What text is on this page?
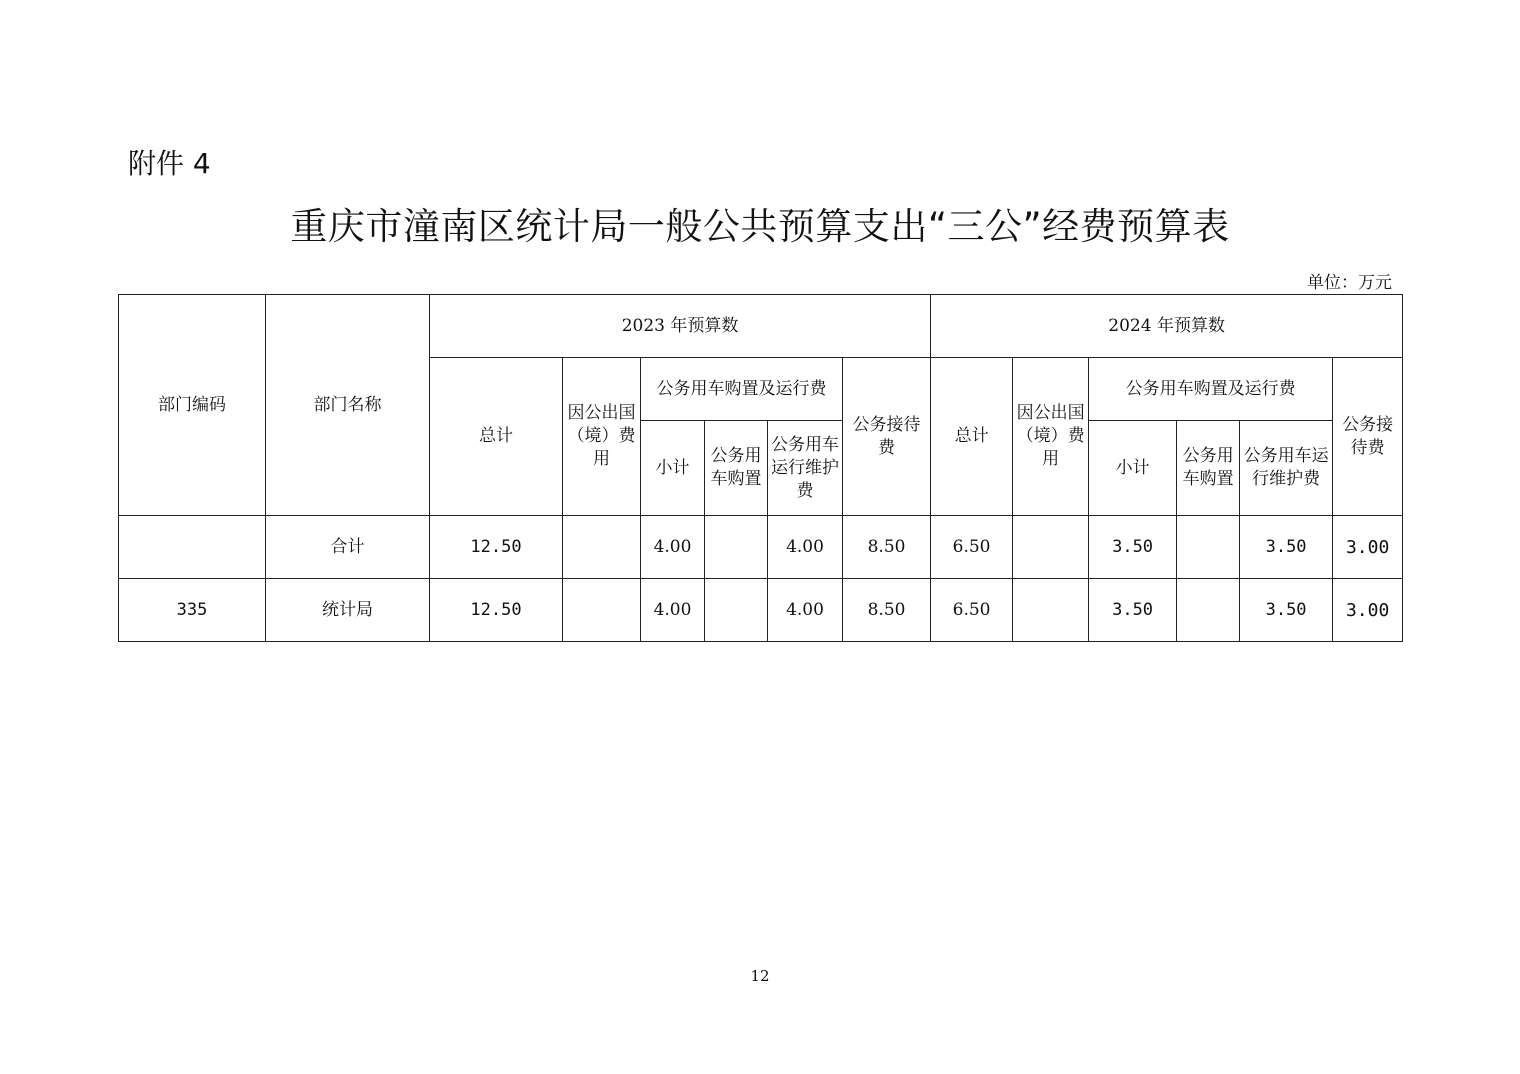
附件 4
重庆市潼南区统计局一般公共预算支出“三公”经费预算表
单位：万元
部门编码	部门名称	2023 年预算数						2024 年预算数					
		总计	因公出国（境）费用	公务用车购置及运行费			公务接待费	总计	因公出国（境）费用	公务用车购置及运行费			公务接待费
				小计	公务用车购置	公务用车运行维护费				小计	公务用车购置	公务用车运行维护费	
	合计	12.50		4.00		4.00	8.50	6.50		3.50		3.50	3.00
335	统计局	12.50		4.00		4.00	8.50	6.50		3.50		3.50	3.00
12
